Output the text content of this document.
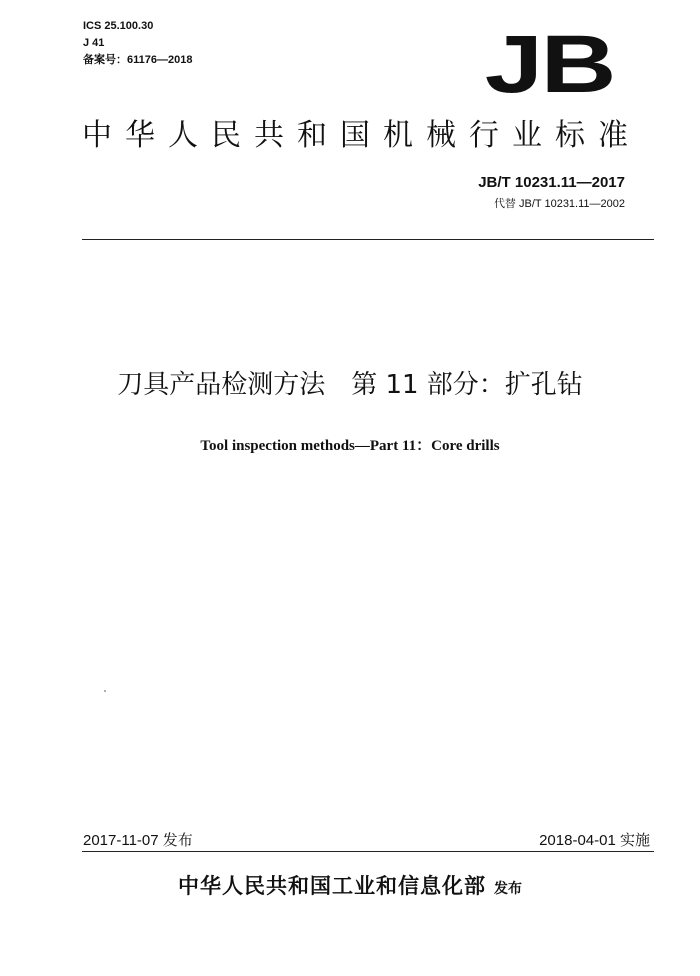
ICS 25.100.30
J 41
备案号：61176—2018	JB
中华人民共和国机械行业标准
JB/T 10231.11—2017
代替 JB/T 10231.11—2002
刀具产品检测方法　第 11 部分：扩孔钻
Tool inspection methods—Part 11：Core drills
2017-11-07 发布	2018-04-01 实施
中华人民共和国工业和信息化部 发布
